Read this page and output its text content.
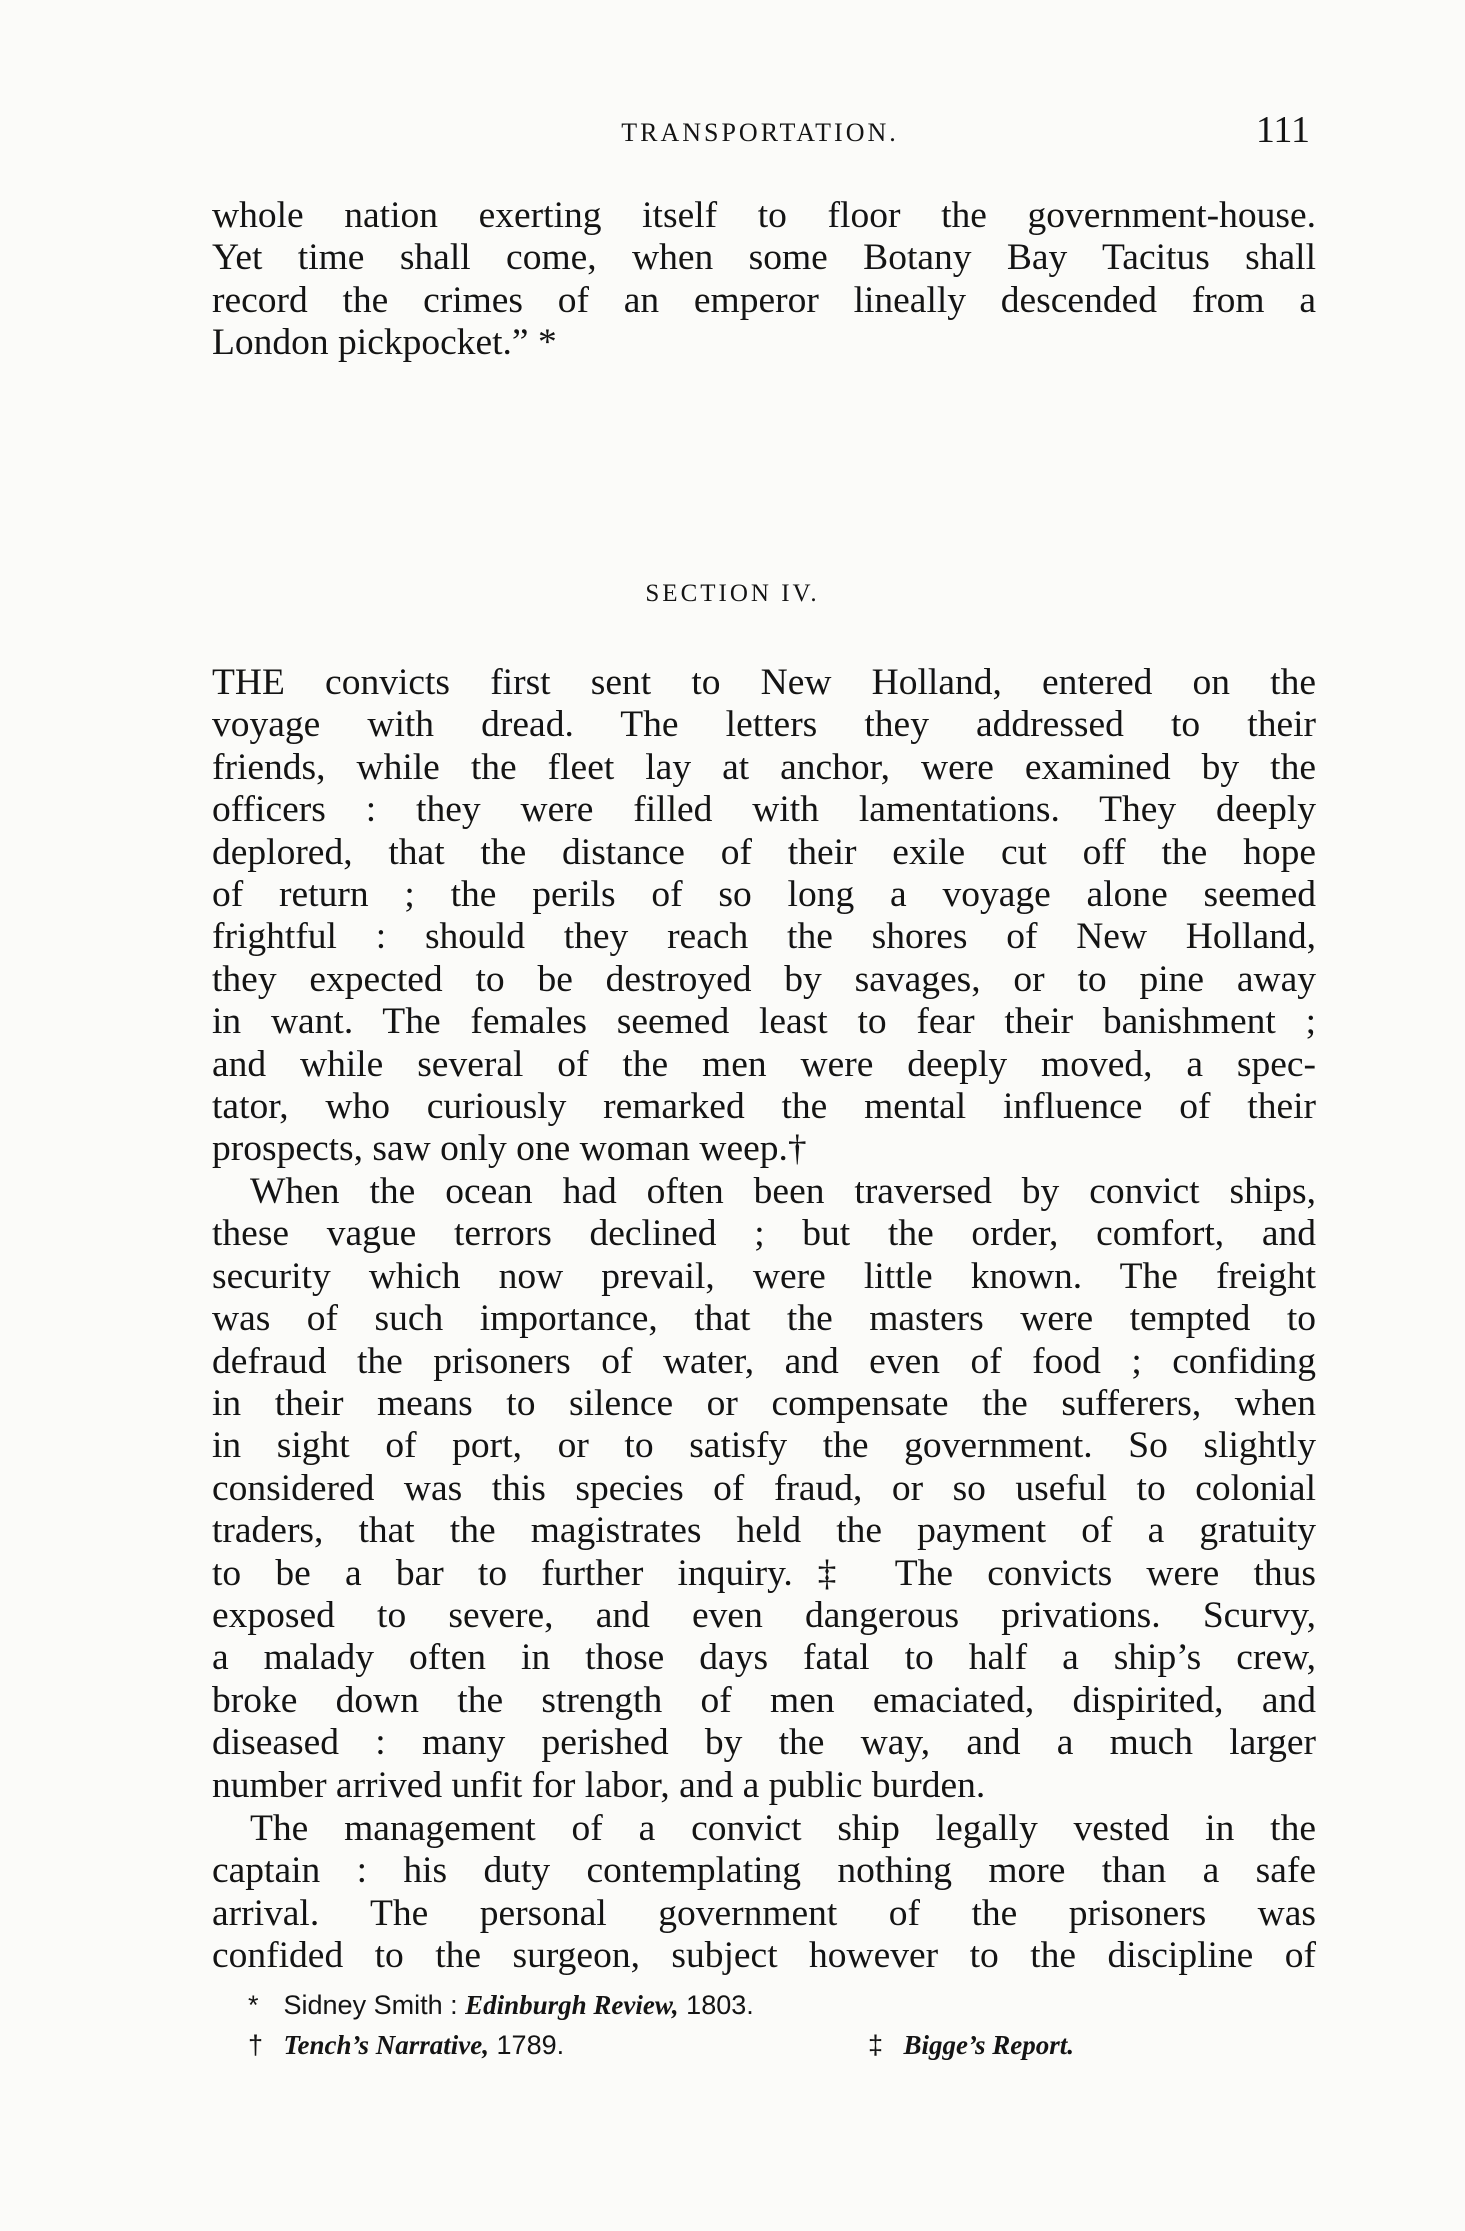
TRANSPORTATION.	111
whole nation exerting itself to floor the government-house.
Yet time shall come, when some Botany Bay Tacitus shall
record the crimes of an emperor lineally descended from a
London pickpocket.” *
SECTION IV.
THE convicts first sent to New Holland, entered on the
voyage with dread. The letters they addressed to their
friends, while the fleet lay at anchor, were examined by the
officers : they were filled with lamentations. They deeply
deplored, that the distance of their exile cut off the hope
of return ; the perils of so long a voyage alone seemed
frightful : should they reach the shores of New Holland,
they expected to be destroyed by savages, or to pine away
in want. The females seemed least to fear their banishment ;
and while several of the men were deeply moved, a spec-
tator, who curiously remarked the mental influence of their
prospects, saw only one woman weep.†
When the ocean had often been traversed by convict ships,
these vague terrors declined ; but the order, comfort, and
security which now prevail, were little known. The freight
was of such importance, that the masters were tempted to
defraud the prisoners of water, and even of food ; confiding
in their means to silence or compensate the sufferers, when
in sight of port, or to satisfy the government. So slightly
considered was this species of fraud, or so useful to colonial
traders, that the magistrates held the payment of a gratuity
to be a bar to further inquiry.‡ The convicts were thus
exposed to severe, and even dangerous privations. Scurvy,
a malady often in those days fatal to half a ship’s crew,
broke down the strength of men emaciated, dispirited, and
diseased : many perished by the way, and a much larger
number arrived unfit for labor, and a public burden.
The management of a convict ship legally vested in the
captain : his duty contemplating nothing more than a safe
arrival. The personal government of the prisoners was
confided to the surgeon, subject however to the discipline of
* Sidney Smith : Edinburgh Review, 1803.
† Tench’s Narrative, 1789.	‡ Bigge’s Report.
